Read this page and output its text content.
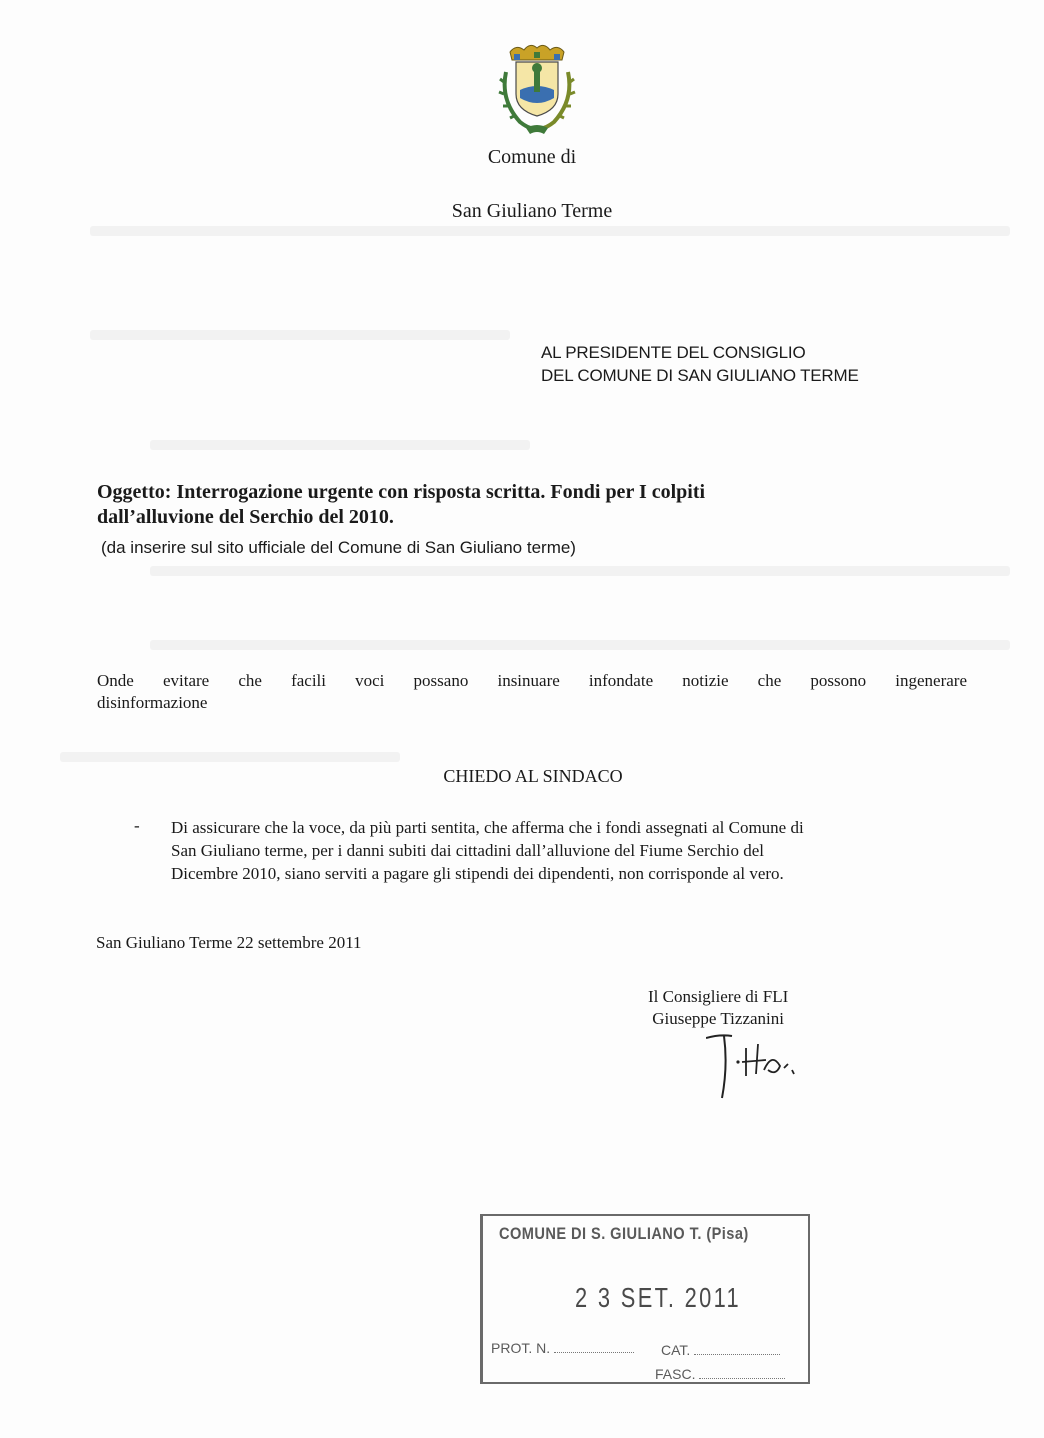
Comune di
San Giuliano Terme
AL PRESIDENTE DEL CONSIGLIO
DEL COMUNE DI SAN GIULIANO TERME
Oggetto: Interrogazione urgente con risposta scritta. Fondi per I colpiti
dall’alluvione del Serchio del 2010.
(da inserire sul sito ufficiale del Comune di San Giuliano terme)
Onde evitare che facili voci possano insinuare infondate notizie che possono ingenerare
disinformazione
CHIEDO AL SINDACO
- Di assicurare che la voce, da più parti sentita, che afferma che i fondi assegnati al Comune di
San Giuliano terme, per i danni subiti dai cittadini dall’alluvione del Fiume Serchio del
Dicembre 2010, siano serviti a pagare gli stipendi dei dipendenti, non corrisponde al vero.
San Giuliano Terme 22 settembre 2011
Il Consigliere di FLI
Giuseppe Tizzanini
COMUNE DI S. GIULIANO T. (Pisa)
2 3 SET. 2011
PROT. N.	CAT.
FASC.
